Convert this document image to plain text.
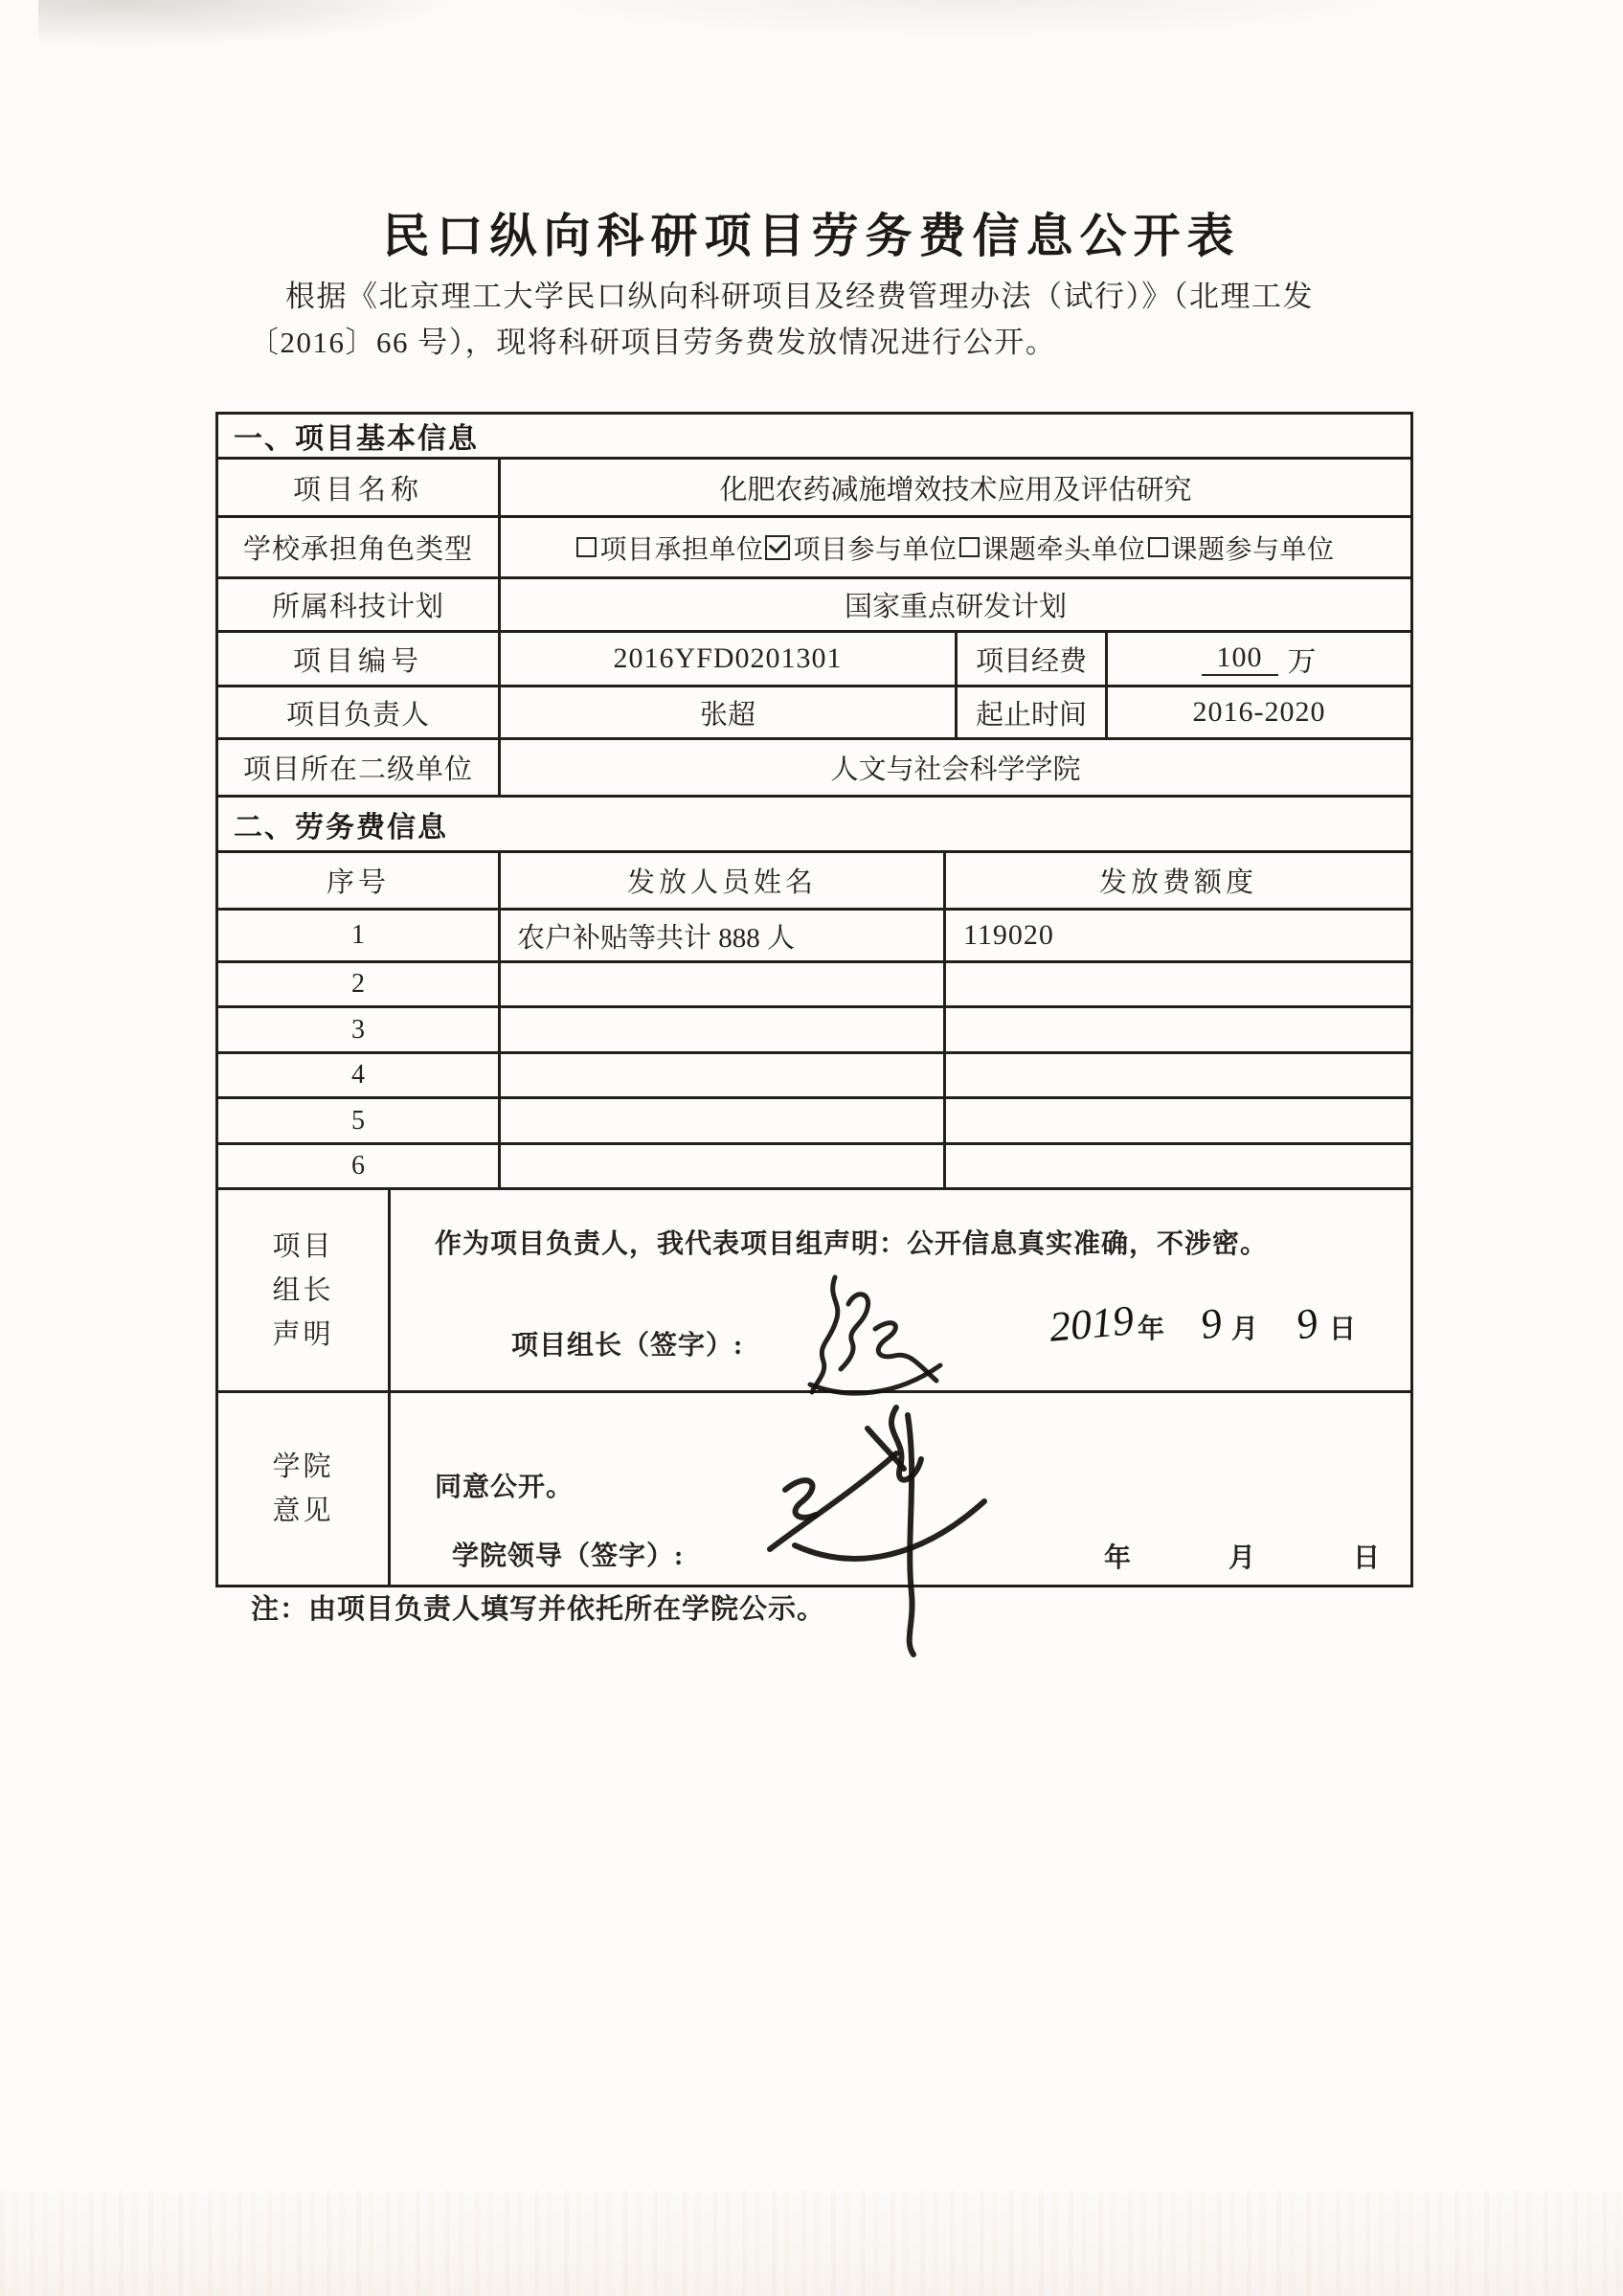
民口纵向科研项目劳务费信息公开表
根据《北京理工大学民口纵向科研项目及经费管理办法（试行）》（北理工发
〔2016〕66 号），现将科研项目劳务费发放情况进行公开。
一、项目基本信息
项目名称	化肥农药减施增效技术应用及评估研究
学校承担角色类型	项目承担单位 项目参与单位 课题牵头单位 课题参与单位
所属科技计划	国家重点研发计划
项目编号	2016YFD0201301	项目经费	100 万
项目负责人	张超	起止时间	2016-2020
项目所在二级单位	人文与社会科学学院
二、劳务费信息
序号	发放人员姓名	发放费额度
1	农户补贴等共计 888 人	119020
2
3
4
5
6
项目
组长
声明
作为项目负责人，我代表项目组声明：公开信息真实准确，不涉密。
项目组长（签字）:	2019 年 9 月 9 日
学院
意见
同意公开。
学院领导（签字）:	年	月	日
注：由项目负责人填写并依托所在学院公示。
